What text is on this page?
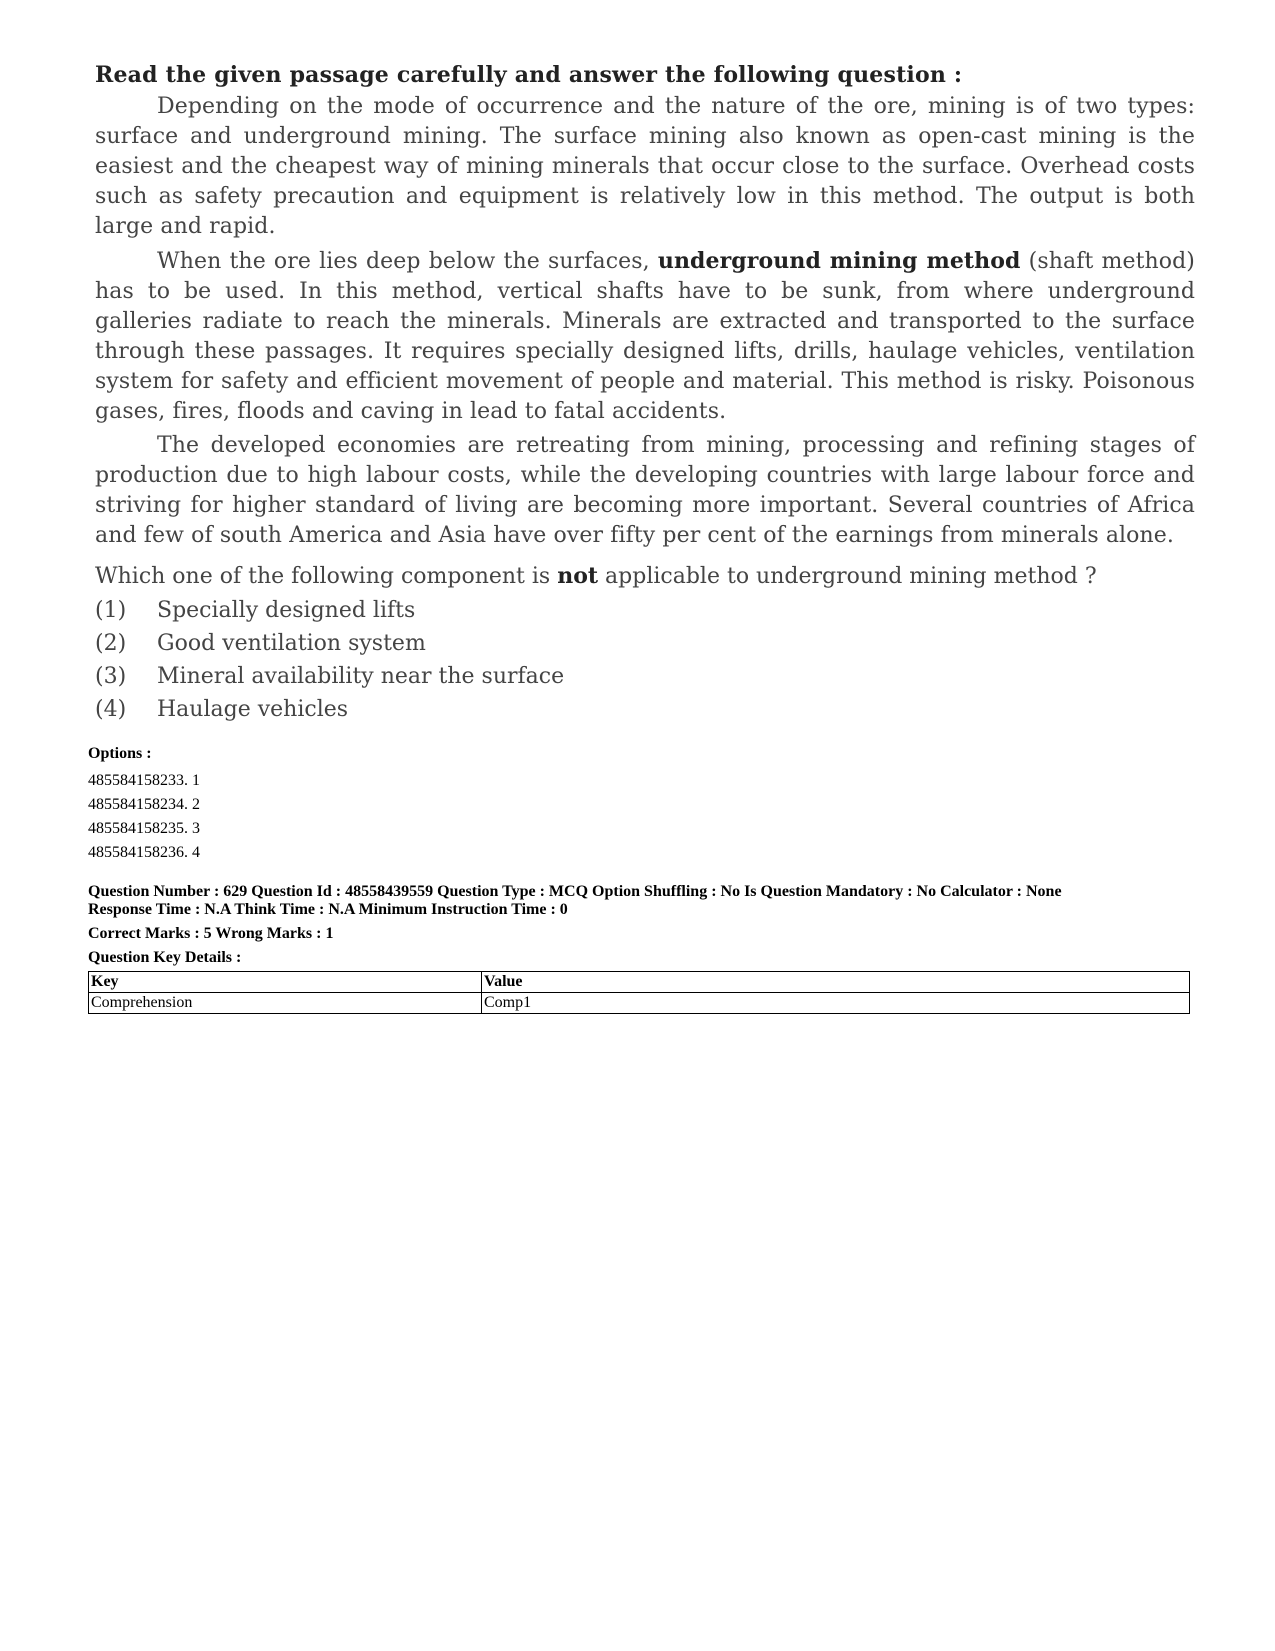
Read the given passage carefully and answer the following question :

Depending on the mode of occurrence and the nature of the ore, mining is of two types: surface and underground mining. The surface mining also known as open-cast mining is the easiest and the cheapest way of mining minerals that occur close to the surface. Overhead costs such as safety precaution and equipment is relatively low in this method. The output is both large and rapid.

When the ore lies deep below the surfaces, underground mining method (shaft method) has to be used. In this method, vertical shafts have to be sunk, from where underground galleries radiate to reach the minerals. Minerals are extracted and transported to the surface through these passages. It requires specially designed lifts, drills, haulage vehicles, ventilation system for safety and efficient movement of people and material. This method is risky. Poisonous gases, fires, floods and caving in lead to fatal accidents.

The developed economies are retreating from mining, processing and refining stages of production due to high labour costs, while the developing countries with large labour force and striving for higher standard of living are becoming more important. Several countries of Africa and few of south America and Asia have over fifty per cent of the earnings from minerals alone.

Which one of the following component is not applicable to underground mining method ?
(1)	Specially designed lifts
(2)	Good ventilation system
(3)	Mineral availability near the surface
(4)	Haulage vehicles
Options :
485584158233. 1
485584158234. 2
485584158235. 3
485584158236. 4
Question Number : 629 Question Id : 48558439559 Question Type : MCQ Option Shuffling : No Is Question Mandatory : No Calculator : None
Response Time : N.A Think Time : N.A Minimum Instruction Time : 0
Correct Marks : 5 Wrong Marks : 1
Question Key Details :
Key	Value
Comprehension	Comp1
